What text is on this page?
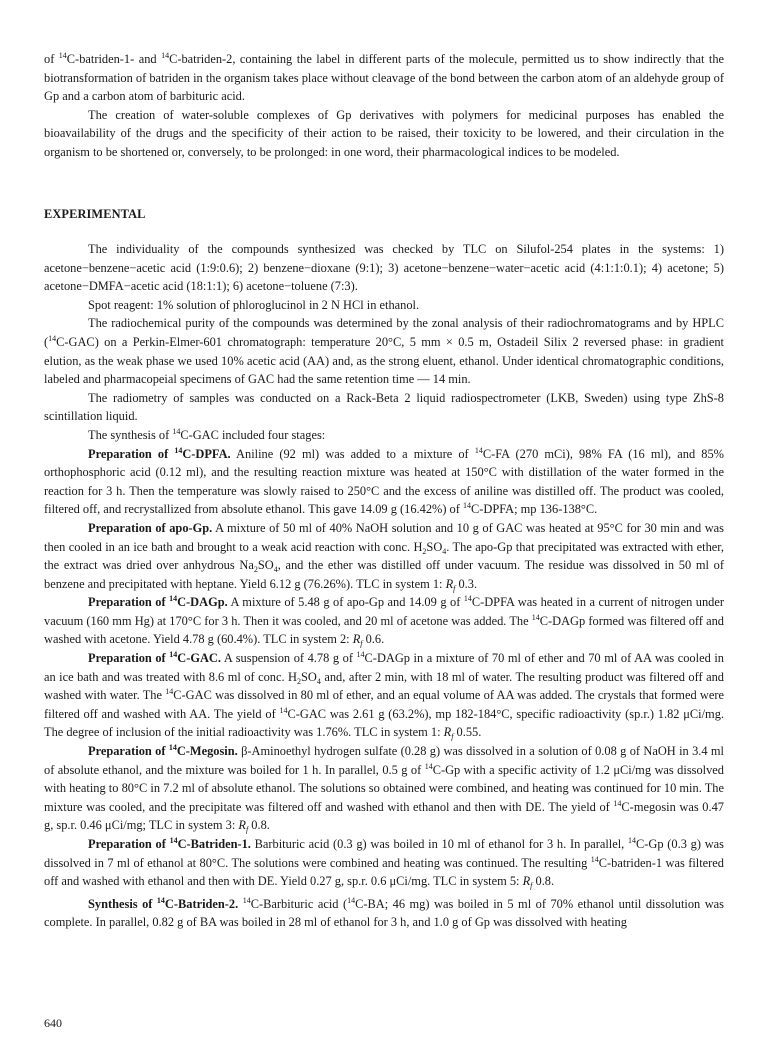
of $^{14}$C-batriden-1- and $^{14}$C-batriden-2, containing the label in different parts of the molecule, permitted us to show indirectly that the biotransformation of batriden in the organism takes place without cleavage of the bond between the carbon atom of an aldehyde group of Gp and a carbon atom of barbituric acid.

The creation of water-soluble complexes of Gp derivatives with polymers for medicinal purposes has enabled the bioavailability of the drugs and the specificity of their action to be raised, their toxicity to be lowered, and their circulation in the organism to be shortened or, conversely, to be prolonged: in one word, their pharmacological indices to be modeled.

EXPERIMENTAL

The individuality of the compounds synthesized was checked by TLC on Silufol-254 plates in the systems: 1) acetone−benzene−acetic acid (1:9:0.6); 2) benzene−dioxane (9:1); 3) acetone−benzene−water−acetic acid (4:1:1:0.1); 4) acetone; 5) acetone−DMFA−acetic acid (18:1:1); 6) acetone−toluene (7:3).

Spot reagent: 1% solution of phloroglucinol in 2 N HCl in ethanol.

The radiochemical purity of the compounds was determined by the zonal analysis of their radiochromatograms and by HPLC ($^{14}$C-GAC) on a Perkin-Elmer-601 chromatograph: temperature 20°C, 5 mm × 0.5 m, Ostadeil Silix 2 reversed phase: in gradient elution, as the weak phase we used 10% acetic acid (AA) and, as the strong eluent, ethanol. Under identical chromatographic conditions, labeled and pharmacopeial specimens of GAC had the same retention time — 14 min.

The radiometry of samples was conducted on a Rack-Beta 2 liquid radiospectrometer (LKB, Sweden) using type ZhS-8 scintillation liquid.

The synthesis of $^{14}$C-GAC included four stages:

Preparation of $^{14}$C-DPFA. Aniline (92 ml) was added to a mixture of $^{14}$C-FA (270 mCi), 98% FA (16 ml), and 85% orthophosphoric acid (0.12 ml), and the resulting reaction mixture was heated at 150°C with distillation of the water formed in the reaction for 3 h. Then the temperature was slowly raised to 250°C and the excess of aniline was distilled off. The product was cooled, filtered off, and recrystallized from absolute ethanol. This gave 14.09 g (16.42%) of $^{14}$C-DPFA; mp 136-138°C.

Preparation of apo-Gp. A mixture of 50 ml of 40% NaOH solution and 10 g of GAC was heated at 95°C for 30 min and was then cooled in an ice bath and brought to a weak acid reaction with conc. $H_2SO_4$. The apo-Gp that precipitated was extracted with ether, the extract was dried over anhydrous $Na_2SO_4$, and the ether was distilled off under vacuum. The residue was dissolved in 50 ml of benzene and precipitated with heptane. Yield 6.12 g (76.26%). TLC in system 1: $R_f$ 0.3.

Preparation of $^{14}$C-DAGp. A mixture of 5.48 g of apo-Gp and 14.09 g of $^{14}$C-DPFA was heated in a current of nitrogen under vacuum (160 mm Hg) at 170°C for 3 h. Then it was cooled, and 20 ml of acetone was added. The $^{14}$C-DAGp formed was filtered off and washed with acetone. Yield 4.78 g (60.4%). TLC in system 2: $R_f$ 0.6.

Preparation of $^{14}$C-GAC. A suspension of 4.78 g of $^{14}$C-DAGp in a mixture of 70 ml of ether and 70 ml of AA was cooled in an ice bath and was treated with 8.6 ml of conc. $H_2SO_4$ and, after 2 min, with 18 ml of water. The resulting product was filtered off and washed with water. The $^{14}$C-GAC was dissolved in 80 ml of ether, and an equal volume of AA was added. The crystals that formed were filtered off and washed with AA. The yield of $^{14}$C-GAC was 2.61 g (63.2%), mp 182-184°C, specific radioactivity (sp.r.) 1.82 μCi/mg. The degree of inclusion of the initial radioactivity was 1.76%. TLC in system 1: $R_f$ 0.55.

Preparation of $^{14}$C-Megosin. β-Aminoethyl hydrogen sulfate (0.28 g) was dissolved in a solution of 0.08 g of NaOH in 3.4 ml of absolute ethanol, and the mixture was boiled for 1 h. In parallel, 0.5 g of $^{14}$C-Gp with a specific activity of 1.2 μCi/mg was dissolved with heating to 80°C in 7.2 ml of absolute ethanol. The solutions so obtained were combined, and heating was continued for 10 min. The mixture was cooled, and the precipitate was filtered off and washed with ethanol and then with DE. The yield of $^{14}$C-megosin was 0.47 g, sp.r. 0.46 μCi/mg; TLC in system 3: $R_f$ 0.8.

Preparation of $^{14}$C-Batriden-1. Barbituric acid (0.3 g) was boiled in 10 ml of ethanol for 3 h. In parallel, $^{14}$C-Gp (0.3 g) was dissolved in 7 ml of ethanol at 80°C. The solutions were combined and heating was continued. The resulting $^{14}$C-batriden-1 was filtered off and washed with ethanol and then with DE. Yield 0.27 g, sp.r. 0.6 μCi/mg. TLC in system 5: $R_f$ 0.8.

Synthesis of $^{14}$C-Batriden-2. $^{14}$C-Barbituric acid ($^{14}$C-BA; 46 mg) was boiled in 5 ml of 70% ethanol until dissolution was complete. In parallel, 0.82 g of BA was boiled in 28 ml of ethanol for 3 h, and 1.0 g of Gp was dissolved with heating

640
